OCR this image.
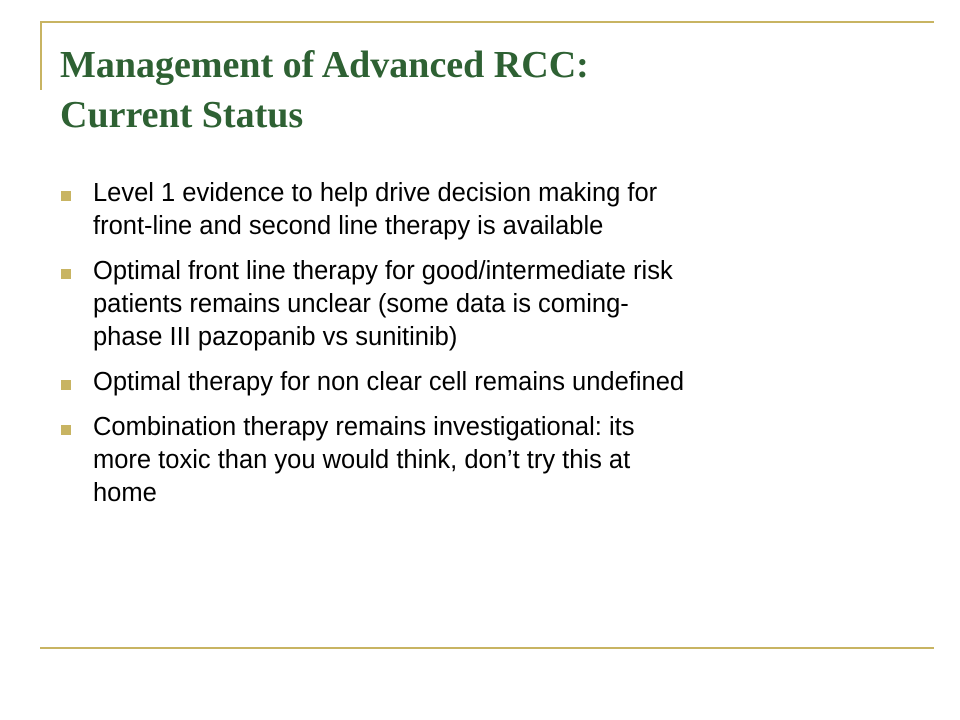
Management of Advanced RCC:
Current Status
Level 1 evidence to help drive decision making for
front-line and second line therapy is available
Optimal front line therapy for good/intermediate risk
patients remains unclear (some data is coming-
phase III pazopanib vs sunitinib)
Optimal therapy for non clear cell remains undefined
Combination therapy remains investigational: its
more toxic than you would think, don’t try this at
home
